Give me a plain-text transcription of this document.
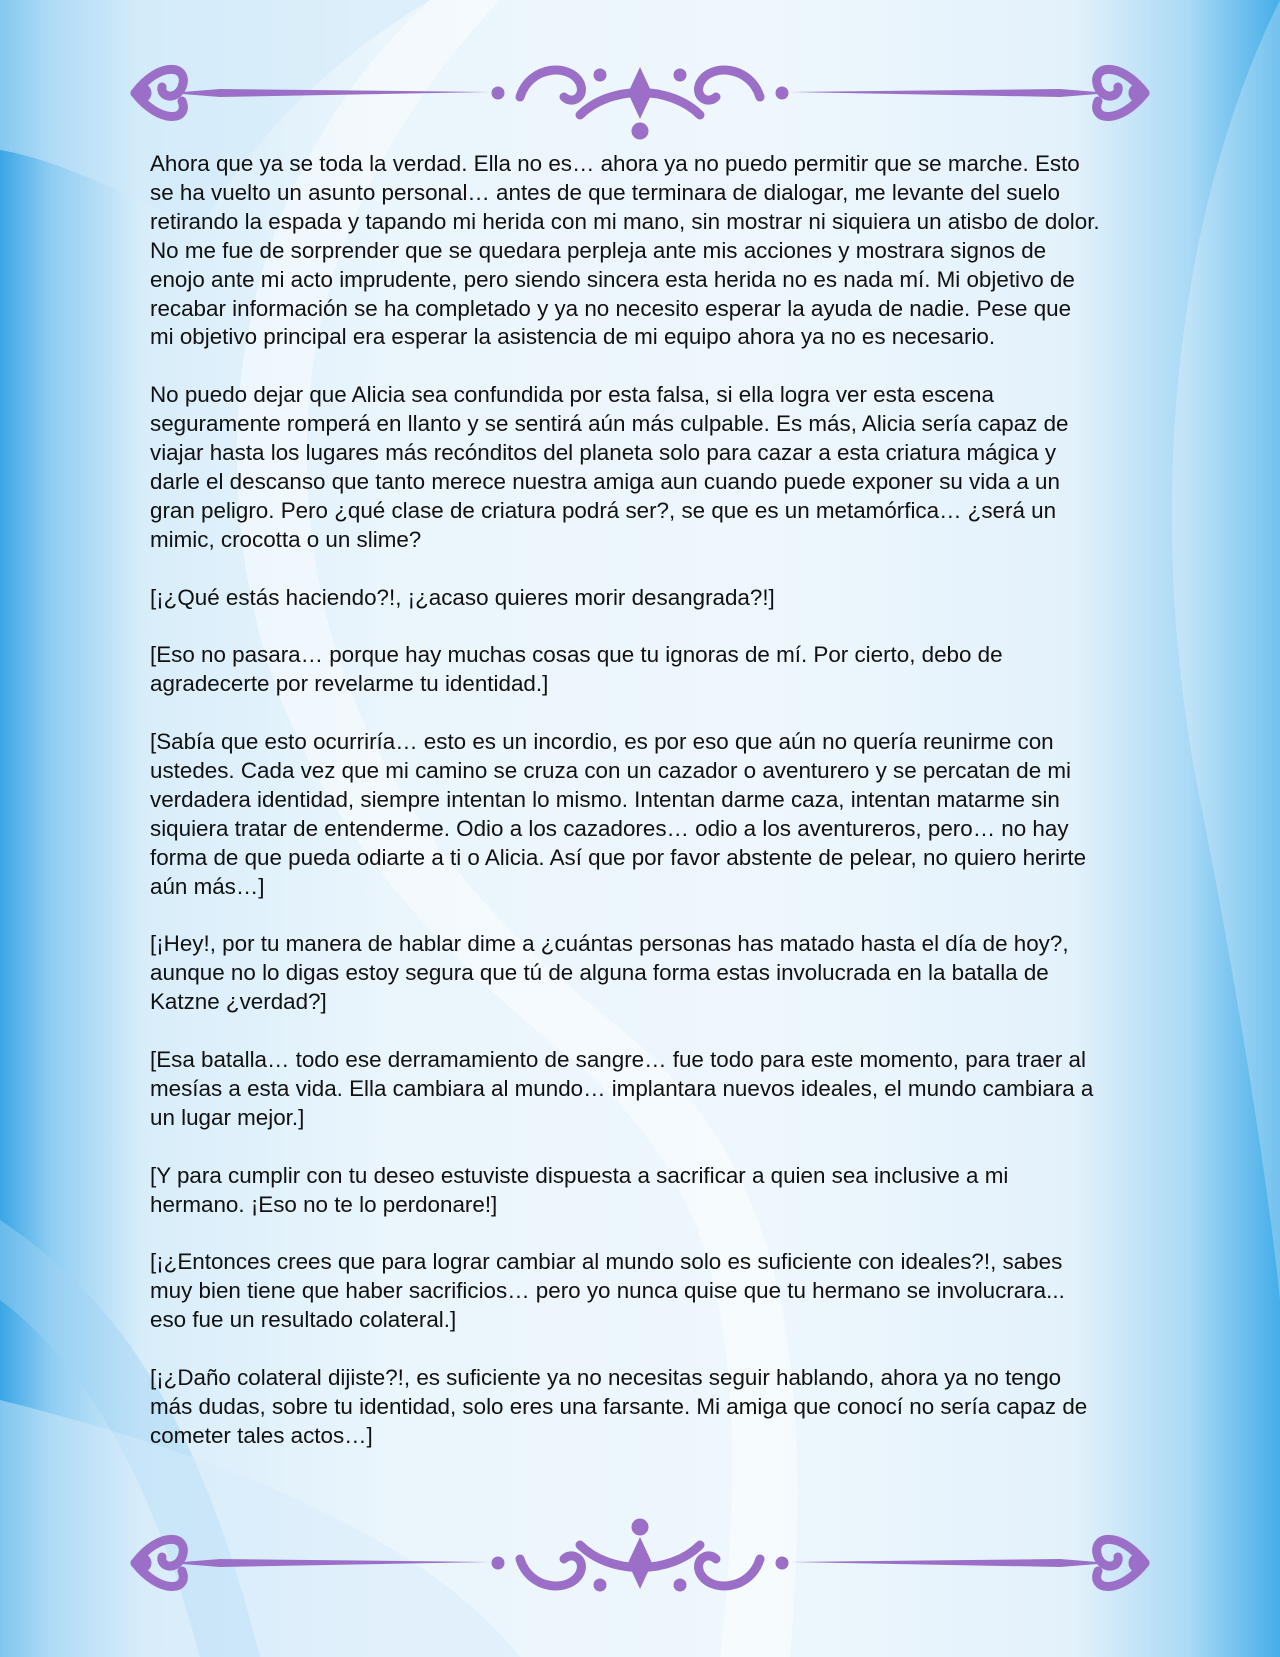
Ahora que ya se toda la verdad. Ella no es… ahora ya no puedo permitir que se marche. Esto se ha vuelto un asunto personal… antes de que terminara de dialogar, me levante del suelo retirando la espada y tapando mi herida con mi mano, sin mostrar ni siquiera un atisbo de dolor. No me fue de sorprender que se quedara perpleja ante mis acciones y mostrara signos de enojo ante mi acto imprudente, pero siendo sincera esta herida no es nada mí. Mi objetivo de recabar información se ha completado y ya no necesito esperar la ayuda de nadie. Pese que mi objetivo principal era esperar la asistencia de mi equipo ahora ya no es necesario.

No puedo dejar que Alicia sea confundida por esta falsa, si ella logra ver esta escena seguramente romperá en llanto y se sentirá aún más culpable. Es más, Alicia sería capaz de viajar hasta los lugares más recónditos del planeta solo para cazar a esta criatura mágica y darle el descanso que tanto merece nuestra amiga aun cuando puede exponer su vida a un gran peligro. Pero ¿qué clase de criatura podrá ser?, se que es un metamórfica… ¿será un mimic, crocotta o un slime?

[¡¿Qué estás haciendo?!, ¡¿acaso quieres morir desangrada?!]

[Eso no pasara… porque hay muchas cosas que tu ignoras de mí. Por cierto, debo de agradecerte por revelarme tu identidad.]

[Sabía que esto ocurriría… esto es un incordio, es por eso que aún no quería reunirme con ustedes. Cada vez que mi camino se cruza con un cazador o aventurero y se percatan de mi verdadera identidad, siempre intentan lo mismo. Intentan darme caza, intentan matarme sin siquiera tratar de entenderme. Odio a los cazadores… odio a los aventureros, pero… no hay forma de que pueda odiarte a ti o Alicia. Así que por favor abstente de pelear, no quiero herirte aún más…]

[¡Hey!, por tu manera de hablar dime a ¿cuántas personas has matado hasta el día de hoy?, aunque no lo digas estoy segura que tú de alguna forma estas involucrada en la batalla de Katzne ¿verdad?]

[Esa batalla… todo ese derramamiento de sangre… fue todo para este momento, para traer al mesías a esta vida. Ella cambiara al mundo… implantara nuevos ideales, el mundo cambiara a un lugar mejor.]

[Y para cumplir con tu deseo estuviste dispuesta a sacrificar a quien sea inclusive a mi hermano. ¡Eso no te lo perdonare!]

[¡¿Entonces crees que para lograr cambiar al mundo solo es suficiente con ideales?!, sabes muy bien tiene que haber sacrificios… pero yo nunca quise que tu hermano se involucrara... eso fue un resultado colateral.]

[¡¿Daño colateral dijiste?!, es suficiente ya no necesitas seguir hablando, ahora ya no tengo más dudas, sobre tu identidad, solo eres una farsante. Mi amiga que conocí no sería capaz de cometer tales actos…]
